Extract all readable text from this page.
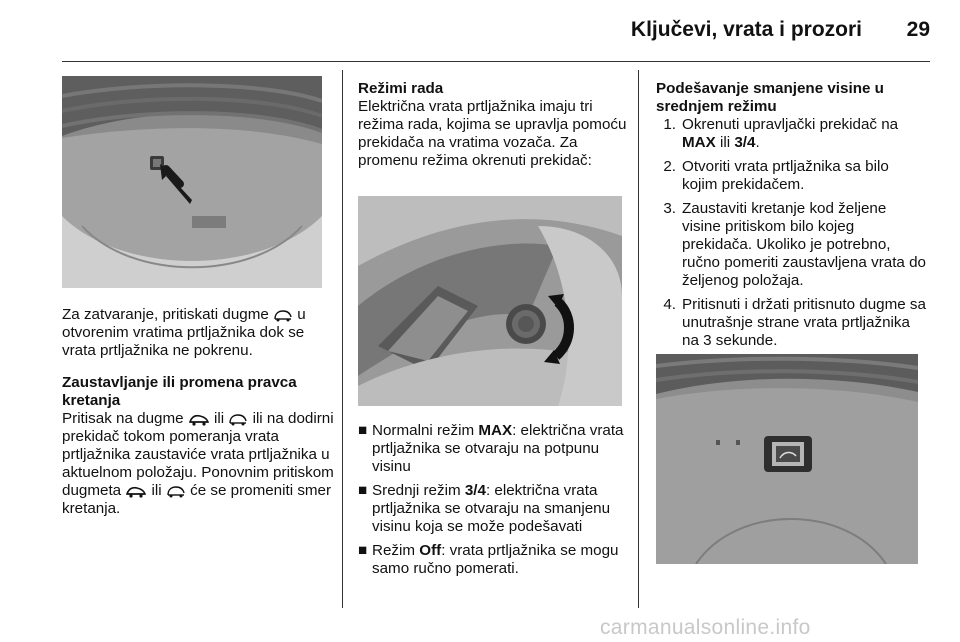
Ključevi, vrata i prozori	29

Za zatvaranje, pritiskati dugme  u otvorenim vratima prtljažnika dok se vrata prtljažnika ne pokrenu.

Zaustavljanje ili promena pravca kretanja

Pritisak na dugme  ili  ili na dodirni prekidač tokom pomeranja vrata prtljažnika zaustaviće vrata prtljažnika u aktuelnom položaju. Ponovnim pritiskom dugmeta  ili  će se promeniti smer kretanja.

Režimi rada

Električna vrata prtljažnika imaju tri režima rada, kojima se upravlja pomoću prekidača na vratima vozača. Za promenu režima okrenuti prekidač:

■ Normalni režim MAX: električna vrata prtljažnika se otvaraju na potpunu visinu
■ Srednji režim 3/4: električna vrata prtljažnika se otvaraju na smanjenu visinu koja se može podešavati
■ Režim Off: vrata prtljažnika se mogu samo ručno pomerati.

Podešavanje smanjene visine u srednjem režimu

1. Okrenuti upravljački prekidač na MAX ili 3/4.
2. Otvoriti vrata prtljažnika sa bilo kojim prekidačem.
3. Zaustaviti kretanje kod željene visine pritiskom bilo kojeg prekidača. Ukoliko je potrebno, ručno pomeriti zaustavljena vrata do željenog položaja.
4. Pritisnuti i držati pritisnuto dugme sa unutrašnje strane vrata prtljažnika na 3 sekunde.
carmanualsonline.info
